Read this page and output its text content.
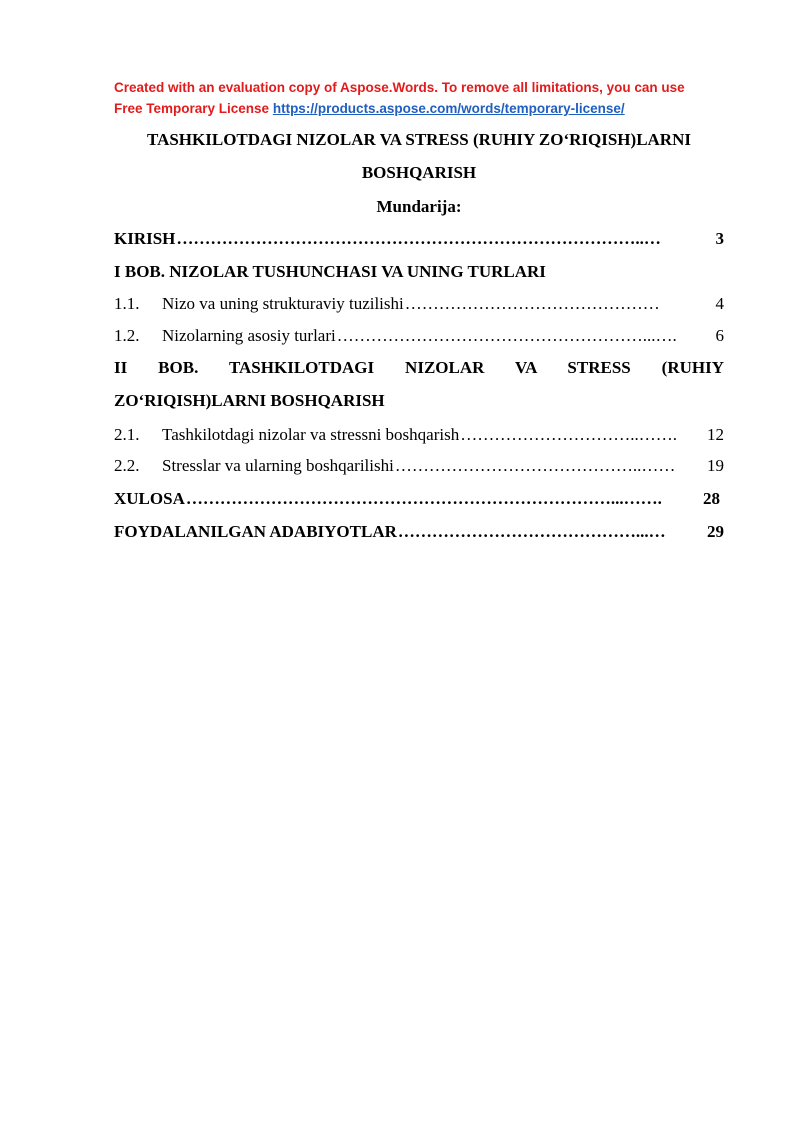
Created with an evaluation copy of Aspose.Words. To remove all limitations, you can use
Free Temporary License https://products.aspose.com/words/temporary-license/
TASHKILOTDAGI NIZOLAR VA STRESS (RUHIY ZO‘RIQISH)LARNI
BOSHQARISH
Mundarija:
KIRISH ………………………………………………………………………..…	3
I BOB. NIZOLAR TUSHUNCHASI VA UNING TURLARI
1.1.	Nizo va uning strukturaviy tuzilishi ………………………………………	4
1.2.	Nizolarning asosiy turlari ………………………………………………...….	6
II BOB. TASHKILOTDAGI NIZOLAR VA STRESS (RUHIY
ZO‘RIQISH)LARNI BOSHQARISH
2.1.	Tashkilotdagi nizolar va stressni boshqarish …………………………..…….	12
2.2.	Stresslar va ularning boshqarilishi ……………………………………..……	19
XULOSA …………………………………………………………………...…….	28
FOYDALANILGAN ADABIYOTLAR ……………………………………...…	29
